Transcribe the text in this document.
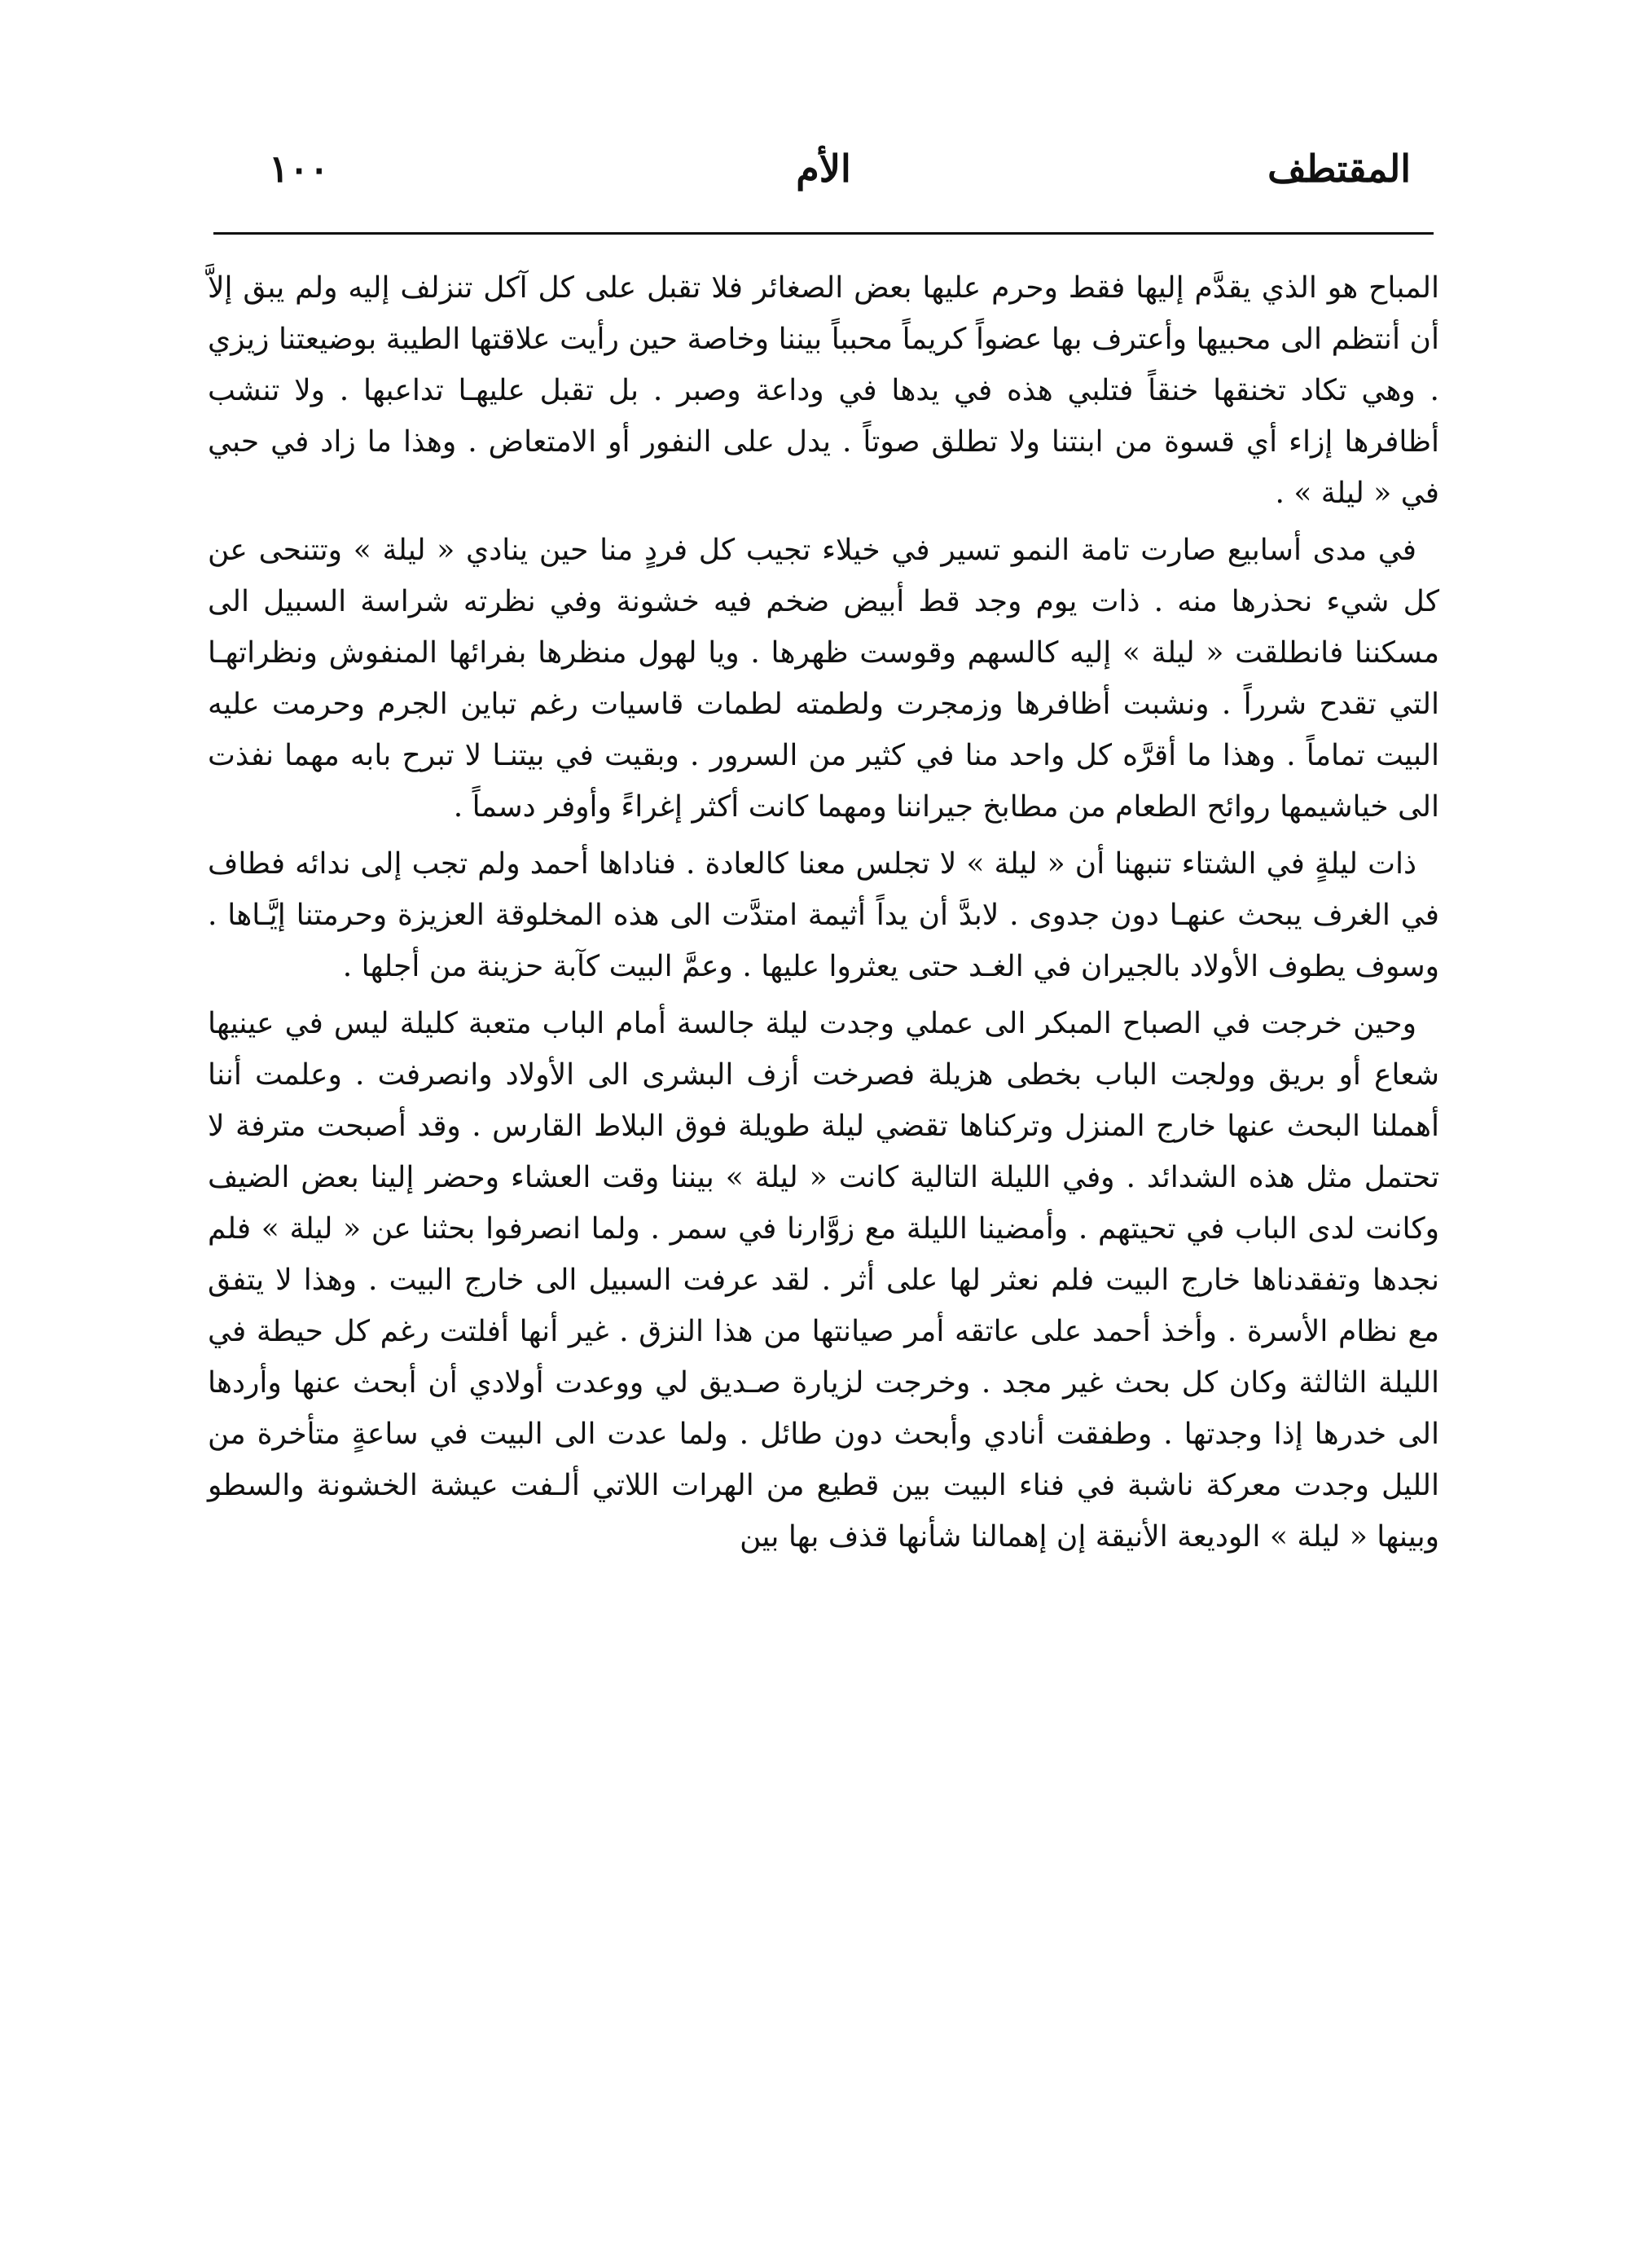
١٠٠	الأم	المقتطف

المباح هو الذي يقدَّم إليها فقط وحرم عليها بعض الصغائر فلا تقبل على كل آكل تنزلف إليه ولم يبق إلاَّ أن أنتظم الى محبيها وأعترف بها عضواً كريماً محبباً بيننا وخاصة حين رأيت علاقتها الطيبة بوضيعتنا زيزي . وهي تكاد تخنقها خنقاً فتلبي هذه في يدها في وداعة وصبر . بل تقبل عليهـا تداعبها . ولا تنشب أظافرها إزاء أي قسوة من ابنتنا ولا تطلق صوتاً . يدل على النفور أو الامتعاض . وهذا ما زاد في حبي في « ليلة » .

في مدى أسابيع صارت تامة النمو تسير في خيلاء تجيب كل فردٍ منا حين ينادي « ليلة » وتتنحى عن كل شيء نحذرها منه . ذات يوم وجد قط أبيض ضخم فيه خشونة وفي نظرته شراسة السبيل الى مسكننا فانطلقت « ليلة » إليه كالسهم وقوست ظهرها . ويا لهول منظرها بفرائها المنفوش ونظراتهـا التي تقدح شرراً . ونشبت أظافرها وزمجرت ولطمته لطمات قاسيات رغم تباين الجرم وحرمت عليه البيت تماماً . وهذا ما أقرَّه كل واحد منا في كثير من السرور . وبقيت في بيتنـا لا تبرح بابه مهما نفذت الى خياشيمها روائح الطعام من مطابخ جيراننا ومهما كانت أكثر إغراءً وأوفر دسماً .

ذات ليلةٍ في الشتاء تنبهنا أن « ليلة » لا تجلس معنا كالعادة . فناداها أحمد ولم تجب إلى ندائه فطاف في الغرف يبحث عنهـا دون جدوى . لابدَّ أن يداً أثيمة امتدَّت الى هذه المخلوقة العزيزة وحرمتنا إيَّـاها . وسوف يطوف الأولاد بالجيران في الغـد حتى يعثروا عليها . وعمَّ البيت كآبة حزينة من أجلها .

وحين خرجت في الصباح المبكر الى عملي وجدت ليلة جالسة أمام الباب متعبة كليلة ليس في عينيها شعاع أو بريق وولجت الباب بخطى هزيلة فصرخت أزف البشرى الى الأولاد وانصرفت . وعلمت أننا أهملنا البحث عنها خارج المنزل وتركناها تقضي ليلة طويلة فوق البلاط القارس . وقد أصبحت مترفة لا تحتمل مثل هذه الشدائد . وفي الليلة التالية كانت « ليلة » بيننا وقت العشاء وحضر إلينا بعض الضيف وكانت لدى الباب في تحيتهم . وأمضينا الليلة مع زوَّارنا في سمر . ولما انصرفوا بحثنا عن « ليلة » فلم نجدها وتفقدناها خارج البيت فلم نعثر لها على أثر . لقد عرفت السبيل الى خارج البيت . وهذا لا يتفق مع نظام الأسرة . وأخذ أحمد على عاتقه أمر صيانتها من هذا النزق . غير أنها أفلتت رغم كل حيطة في الليلة الثالثة وكان كل بحث غير مجد . وخرجت لزيارة صـديق لي ووعدت أولادي أن أبحث عنها وأردها الى خدرها إذا وجدتها . وطفقت أنادي وأبحث دون طائل . ولما عدت الى البيت في ساعةٍ متأخرة من الليل وجدت معركة ناشبة في فناء البيت بين قطيع من الهرات اللاتي ألـفت عيشة الخشونة والسطو وبينها « ليلة » الوديعة الأنيقة إن إهمالنا شأنها قذف بها بين
